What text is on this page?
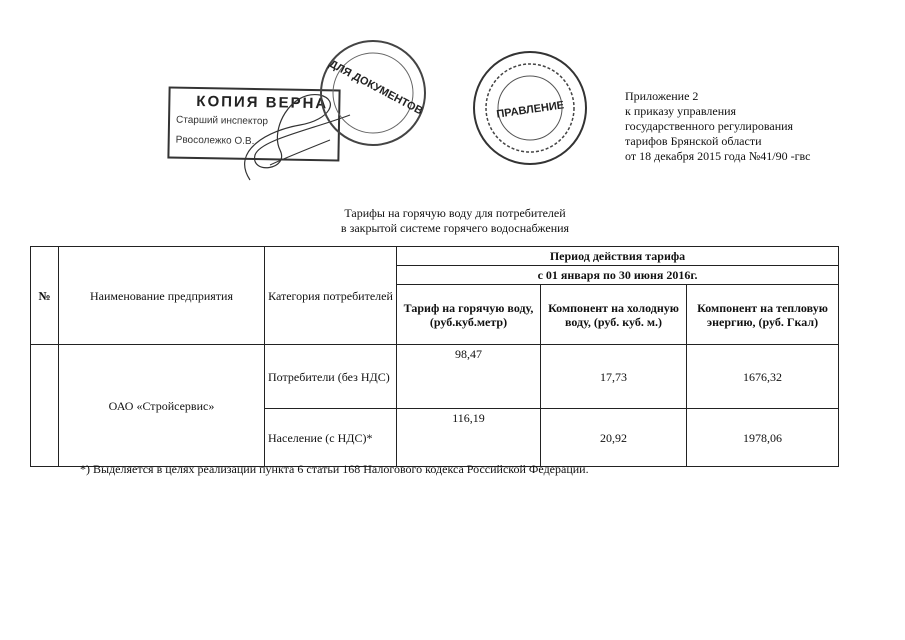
КОПИЯ ВЕРНА
Старший инспектор
Рвосолежко О.В.
ДЛЯ ДОКУМЕНТОВ	ПРАВЛЕНИЕ
Приложение 2
к приказу управления
государственного регулирования
тарифов Брянской области
от 18 декабря 2015 года №41/90 -гвс
Тарифы на горячую воду для потребителей
в закрытой системе горячего водоснабжения
№	Наименование предприятия	Категория потребителей	Период действия тарифа		
			с 01 января по 30 июня 2016г.		
			Тариф на горячую воду, (руб.куб.метр)	Компонент на холодную воду, (руб. куб. м.)	Компонент на тепловую энергию, (руб. Гкал)
	ОАО «Стройсервис»	Потребители (без НДС)	98,47	17,73	1676,32
		Население (с НДС)*	116,19	20,92	1978,06
*) Выделяется в целях реализации пункта 6 статьи 168 Налогового кодекса Российской Федерации.
